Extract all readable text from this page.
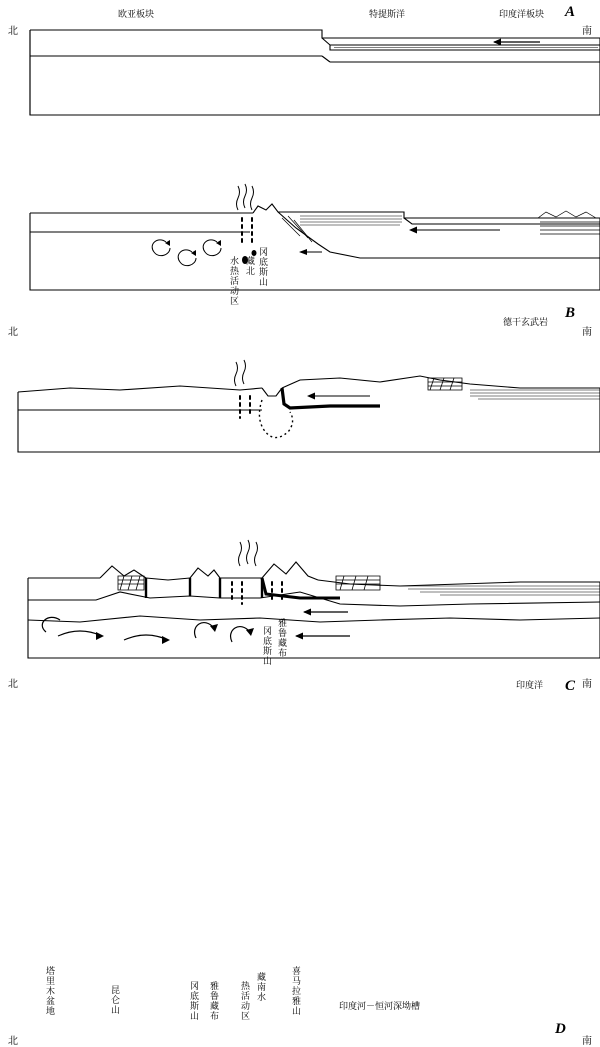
欧亚板块	特提斯洋	印度洋板块 A
北	南
水热活动区
藏北
冈底斯山
德干玄武岩
B
北	南
雅鲁藏布
冈底斯山
印度洋 C
北	南
塔里木盆地
昆仑山
冈底斯山
雅鲁藏布
热活动区
藏南水
喜马拉雅山	印度河－恒河深坳槽
D
北	南
